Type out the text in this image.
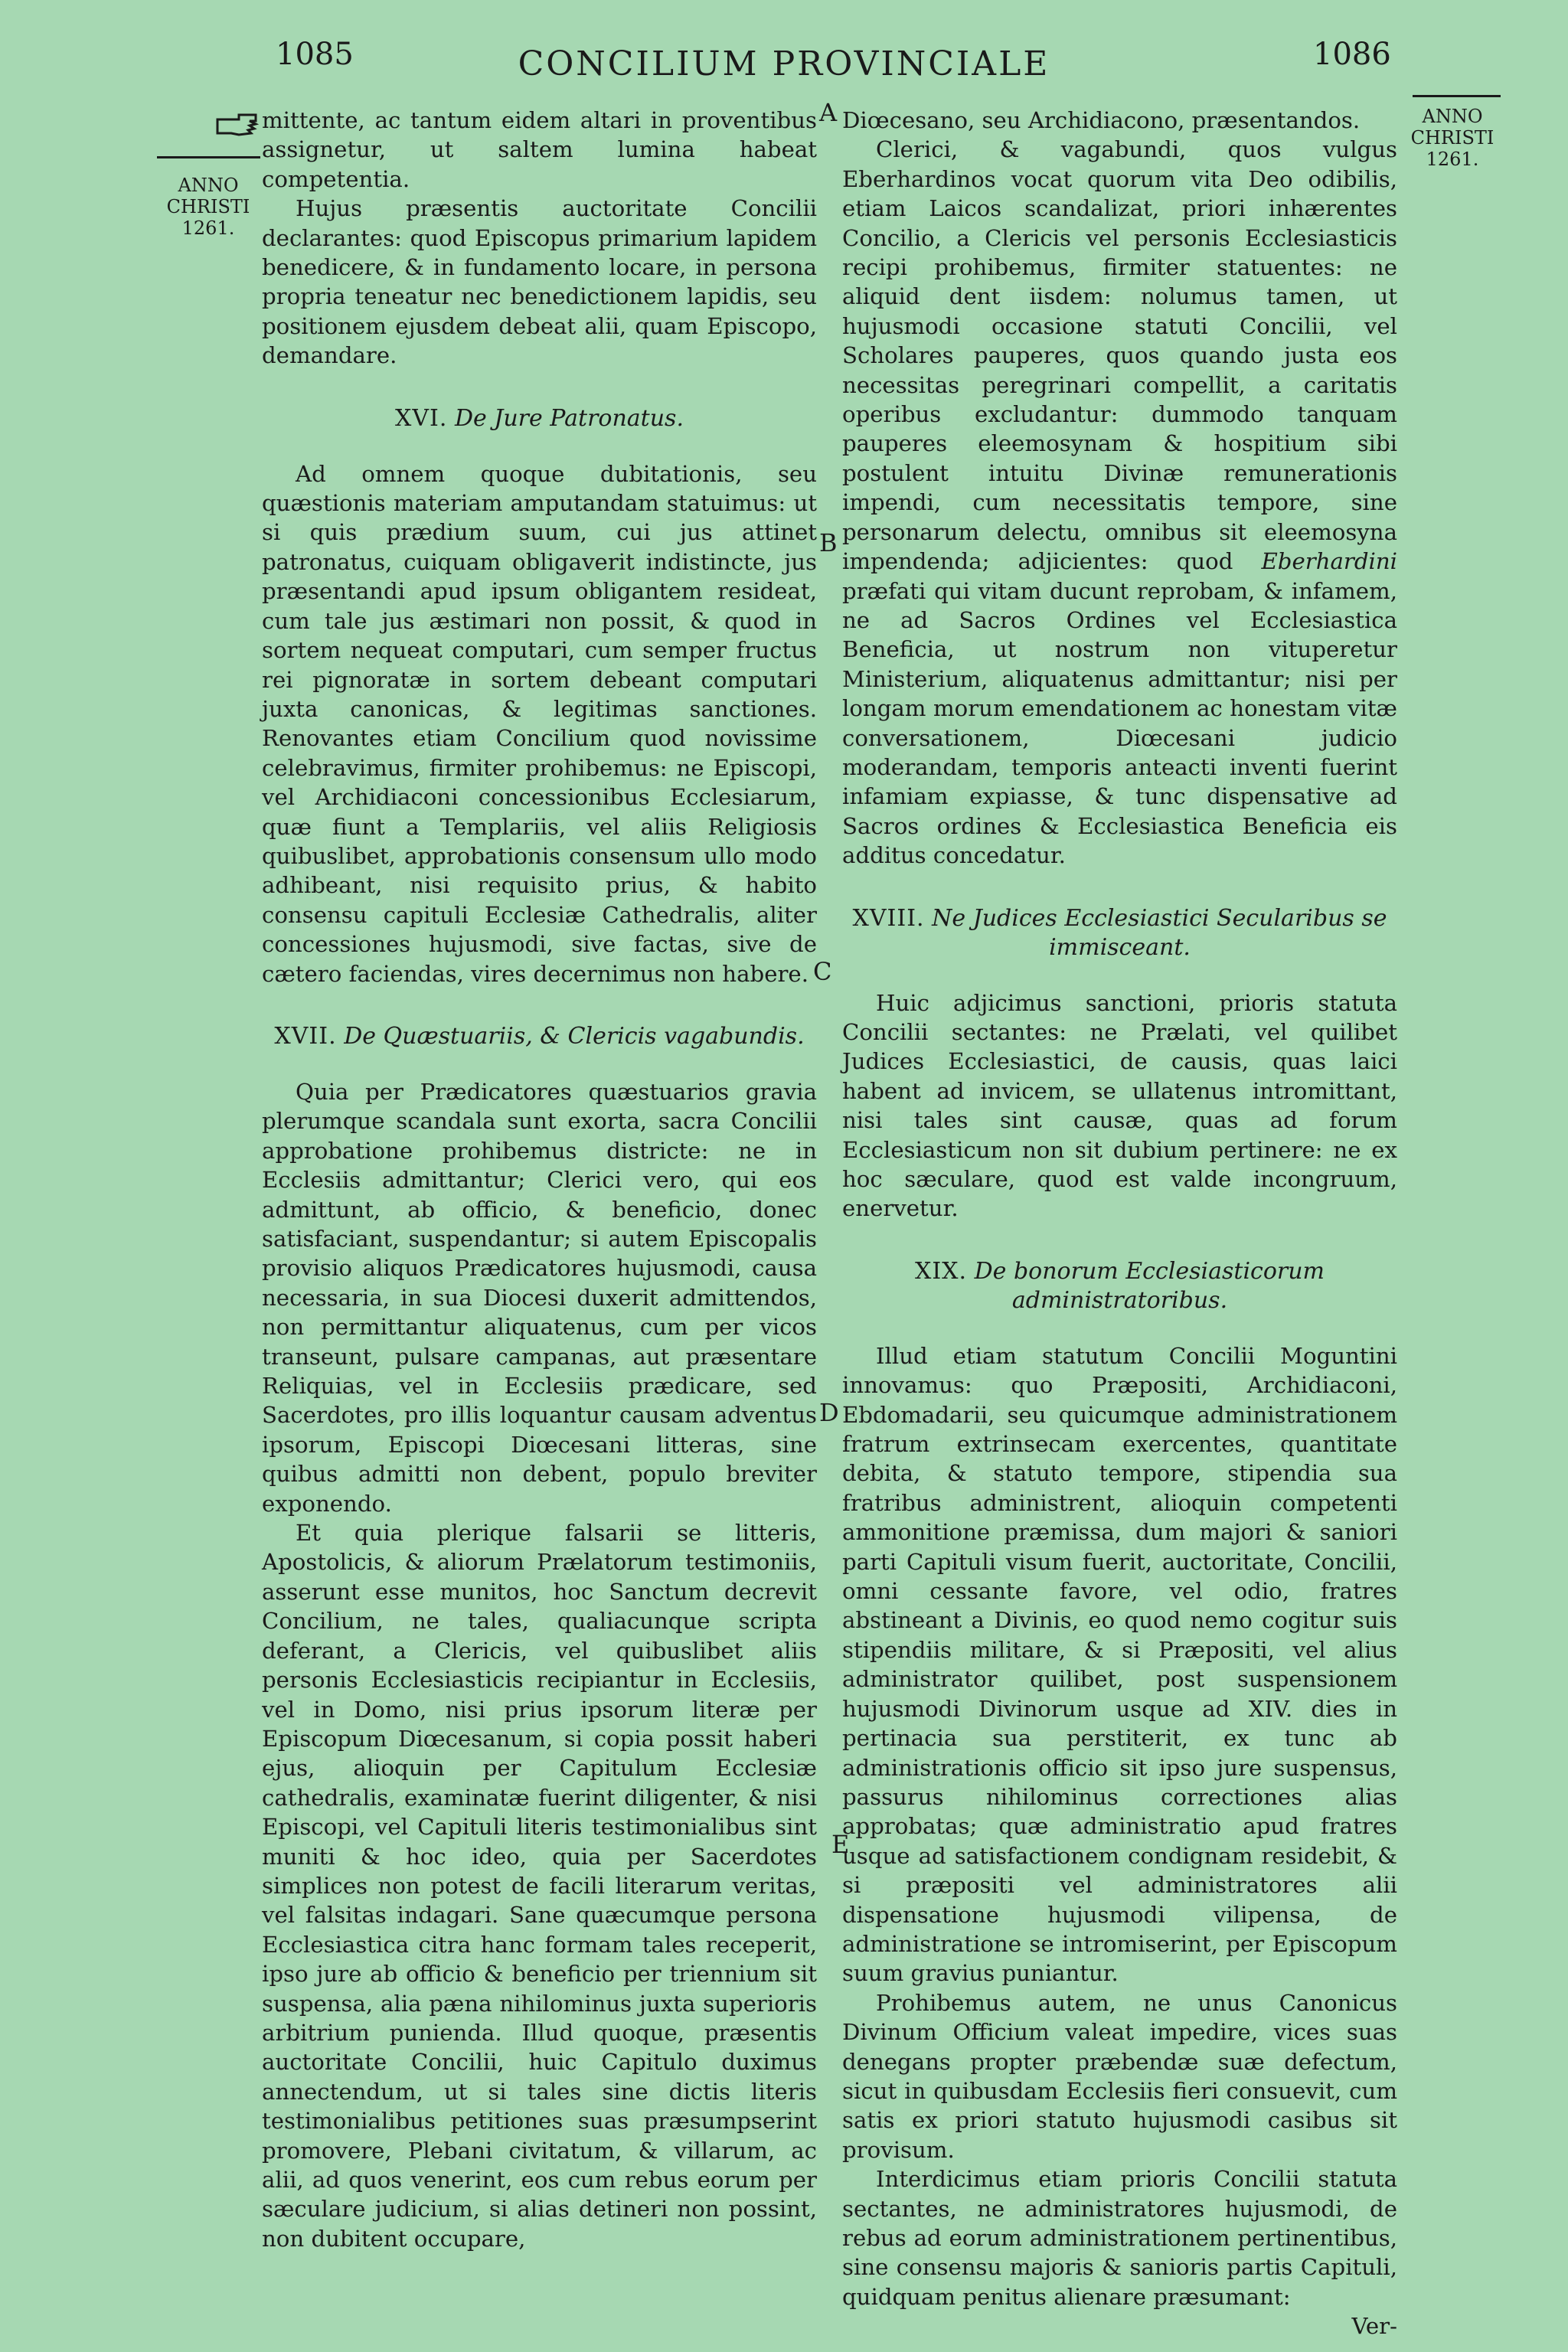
1085	CONCILIUM PROVINCIALE	1086
ANNO
CHRISTI
1261.
ANNO
CHRISTI
1261.
A
B
C
D
E

mittente, ac tantum eidem altari in proventibus assignetur, ut saltem lumina habeat competentia.

Hujus præsentis auctoritate Concilii declarantes: quod Episcopus primarium lapidem benedicere, & in fundamento locare, in persona propria teneatur nec benedictionem lapidis, seu positionem ejusdem debeat alii, quam Episcopo, demandare.

XVI. De Jure Patronatus.

Ad omnem quoque dubitationis, seu quæstionis materiam amputandam statuimus: ut si quis prædium suum, cui jus attinet patronatus, cuiquam obligaverit indistincte, jus præsentandi apud ipsum obligantem resideat, cum tale jus æstimari non possit, & quod in sortem nequeat computari, cum semper fructus rei pignoratæ in sortem debeant computari juxta canonicas, & legitimas sanctiones. Renovantes etiam Concilium quod novissime celebravimus, firmiter prohibemus: ne Episcopi, vel Archidiaconi concessionibus Ecclesiarum, quæ fiunt a Templariis, vel aliis Religiosis quibuslibet, approbationis consensum ullo modo adhibeant, nisi requisito prius, & habito consensu capituli Ecclesiæ Cathedralis, aliter concessiones hujusmodi, sive factas, sive de cætero faciendas, vires decernimus non habere.

XVII. De Quæstuariis, & Clericis vagabundis.

Quia per Prædicatores quæstuarios gravia plerumque scandala sunt exorta, sacra Concilii approbatione prohibemus districte: ne in Ecclesiis admittantur; Clerici vero, qui eos admittunt, ab officio, & beneficio, donec satisfaciant, suspendantur; si autem Episcopalis provisio aliquos Prædicatores hujusmodi, causa necessaria, in sua Diocesi duxerit admittendos, non permittantur aliquatenus, cum per vicos transeunt, pulsare campanas, aut præsentare Reliquias, vel in Ecclesiis prædicare, sed Sacerdotes, pro illis loquantur causam adventus ipsorum, Episcopi Diœcesani litteras, sine quibus admitti non debent, populo breviter exponendo.

Et quia plerique falsarii se litteris, Apostolicis, & aliorum Prælatorum testimoniis, asserunt esse munitos, hoc Sanctum decrevit Concilium, ne tales, qualiacunque scripta deferant, a Clericis, vel quibuslibet aliis personis Ecclesiasticis recipiantur in Ecclesiis, vel in Domo, nisi prius ipsorum literæ per Episcopum Diœcesanum, si copia possit haberi ejus, alioquin per Capitulum Ecclesiæ cathedralis, examinatæ fuerint diligenter, & nisi Episcopi, vel Capituli literis testimonialibus sint muniti & hoc ideo, quia per Sacerdotes simplices non potest de facili literarum veritas, vel falsitas indagari. Sane quæcumque persona Ecclesiastica citra hanc formam tales receperit, ipso jure ab officio & beneficio per triennium sit suspensa, alia pæna nihilominus juxta superioris arbitrium punienda. Illud quoque, præsentis auctoritate Concilii, huic Capitulo duximus annectendum, ut si tales sine dictis literis testimonialibus petitiones suas præsumpserint promovere, Plebani civitatum, & villarum, ac alii, ad quos venerint, eos cum rebus eorum per sæculare judicium, si alias detineri non possint, non dubitent occupare,

Diœcesano, seu Archidiacono, præsentandos.

Clerici, & vagabundi, quos vulgus Eberhardinos vocat quorum vita Deo odibilis, etiam Laicos scandalizat, priori inhærentes Concilio, a Clericis vel personis Ecclesiasticis recipi prohibemus, firmiter statuentes: ne aliquid dent iisdem: nolumus tamen, ut hujusmodi occasione statuti Concilii, vel Scholares pauperes, quos quando justa eos necessitas peregrinari compellit, a caritatis operibus excludantur: dummodo tanquam pauperes eleemosynam & hospitium sibi postulent intuitu Divinæ remunerationis impendi, cum necessitatis tempore, sine personarum delectu, omnibus sit eleemosyna impendenda; adjicientes: quod Eberhardini præfati qui vitam ducunt reprobam, & infamem, ne ad Sacros Ordines vel Ecclesiastica Beneficia, ut nostrum non vituperetur Ministerium, aliquatenus admittantur; nisi per longam morum emendationem ac honestam vitæ conversationem, Diœcesani judicio moderandam, temporis anteacti inventi fuerint infamiam expiasse, & tunc dispensative ad Sacros ordines & Ecclesiastica Beneficia eis additus concedatur.

XVIII. Ne Judices Ecclesiastici Secularibus se immisceant.

Huic adjicimus sanctioni, prioris statuta Concilii sectantes: ne Prælati, vel quilibet Judices Ecclesiastici, de causis, quas laici habent ad invicem, se ullatenus intromittant, nisi tales sint causæ, quas ad forum Ecclesiasticum non sit dubium pertinere: ne ex hoc sæculare, quod est valde incongruum, enervetur.

XIX. De bonorum Ecclesiasticorum administratoribus.

Illud etiam statutum Concilii Moguntini innovamus: quo Præpositi, Archidiaconi, Ebdomadarii, seu quicumque administrationem fratrum extrinsecam exercentes, quantitate debita, & statuto tempore, stipendia sua fratribus administrent, alioquin competenti ammonitione præmissa, dum majori & saniori parti Capituli visum fuerit, auctoritate, Concilii, omni cessante favore, vel odio, fratres abstineant a Divinis, eo quod nemo cogitur suis stipendiis militare, & si Præpositi, vel alius administrator quilibet, post suspensionem hujusmodi Divinorum usque ad XIV. dies in pertinacia sua perstiterit, ex tunc ab administrationis officio sit ipso jure suspensus, passurus nihilominus correctiones alias approbatas; quæ administratio apud fratres usque ad satisfactionem condignam residebit, & si præpositi vel administratores alii dispensatione hujusmodi vilipensa, de administratione se intromiserint, per Episcopum suum gravius puniantur.

Prohibemus autem, ne unus Canonicus Divinum Officium valeat impedire, vices suas denegans propter præbendæ suæ defectum, sicut in quibusdam Ecclesiis fieri consuevit, cum satis ex priori statuto hujusmodi casibus sit provisum.

Interdicimus etiam prioris Concilii statuta sectantes, ne administratores hujusmodi, de rebus ad eorum administrationem pertinentibus, sine consensu majoris & sanioris partis Capituli, quidquam penitus alienare præsumant:

Ver-
